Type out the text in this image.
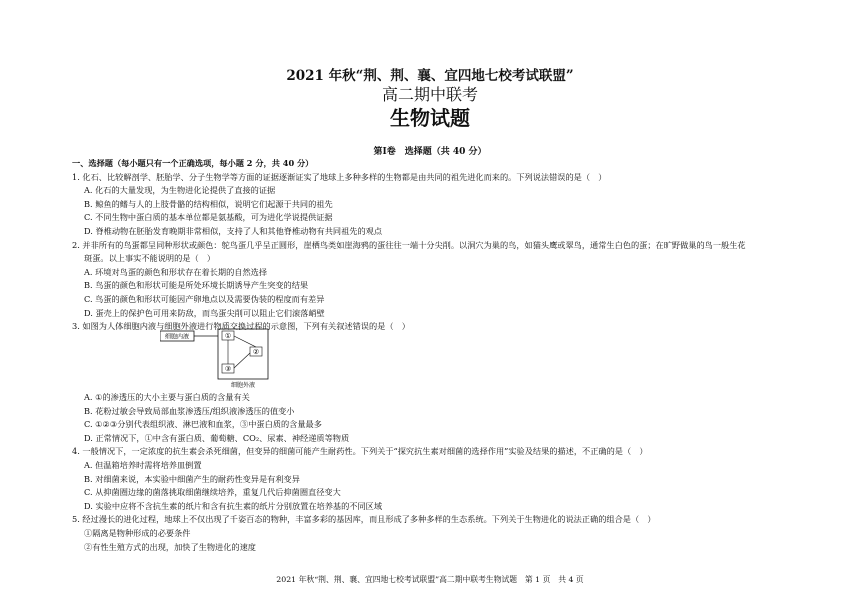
2021 年秋“荆、荆、襄、宜四地七校考试联盟”
高二期中联考
生物试题
第Ⅰ卷　选择题（共 40 分）
一、选择题（每小题只有一个正确选项，每小题 2 分，共 40 分）
1. 化石、比较解剖学、胚胎学、分子生物学等方面的证据逐渐证实了地球上多种多样的生物都是由共同的祖先进化而来的。下列说法错误的是（　）
A. 化石的大量发现，为生物进化论提供了直接的证据
B. 鲸鱼的鳍与人的上肢骨骼的结构相似，说明它们起源于共同的祖先
C. 不同生物中蛋白质的基本单位都是氨基酸，可为进化学说提供证据
D. 脊椎动物在胚胎发育晚期非常相似，支持了人和其他脊椎动物有共同祖先的观点
2. 并非所有的鸟蛋都呈同种形状或颜色：鸵鸟蛋几乎呈正圆形，崖栖鸟类如崖海鸦的蛋往往一端十分尖削。以洞穴为巢的鸟，如猫头鹰或翠鸟，通常生白色的蛋；在旷野做巢的鸟一般生花
斑蛋。以上事实不能说明的是（　）
A. 环境对鸟蛋的颜色和形状存在着长期的自然选择
B. 鸟蛋的颜色和形状可能是所处环境长期诱导产生突变的结果
C. 鸟蛋的颜色和形状可能因产卵地点以及需要伪装的程度而有差异
D. 蛋壳上的保护色可用来防敌，而鸟蛋尖削可以阻止它们滚落峭壁
3. 如图为人体细胞内液与细胞外液进行物质交换过程的示意图，下列有关叙述错误的是（　）
细胞内液	①
②
③
细胞外液
A. ①的渗透压的大小主要与蛋白质的含量有关
B. 花粉过敏会导致局部血浆渗透压/组织液渗透压的值变小
C. ①②③分别代表组织液、淋巴液和血浆，③中蛋白质的含量最多
D. 正常情况下，①中含有蛋白质、葡萄糖、CO₂、尿素、神经递质等物质
4. 一般情况下，一定浓度的抗生素会杀死细菌，但变异的细菌可能产生耐药性。下列关于“探究抗生素对细菌的选择作用”实验及结果的描述，不正确的是（　）
A. 但温箱培养时需将培养皿倒置
B. 对细菌来说，本实验中细菌产生的耐药性变异是有利变异
C. 从抑菌圈边缘的菌落挑取细菌继续培养，重复几代后抑菌圈直径变大
D. 实验中应将不含抗生素的纸片和含有抗生素的纸片分别放置在培养基的不同区域
5. 经过漫长的进化过程，地球上不仅出现了千姿百态的物种，丰富多彩的基因库，而且形成了多种多样的生态系统。下列关于生物进化的说法正确的组合是（　）
①隔离是物种形成的必要条件
②有性生殖方式的出现，加快了生物进化的速度
2021 年秋“荆、荆、襄、宜四地七校考试联盟”高二期中联考生物试题　第 1 页　共 4 页
